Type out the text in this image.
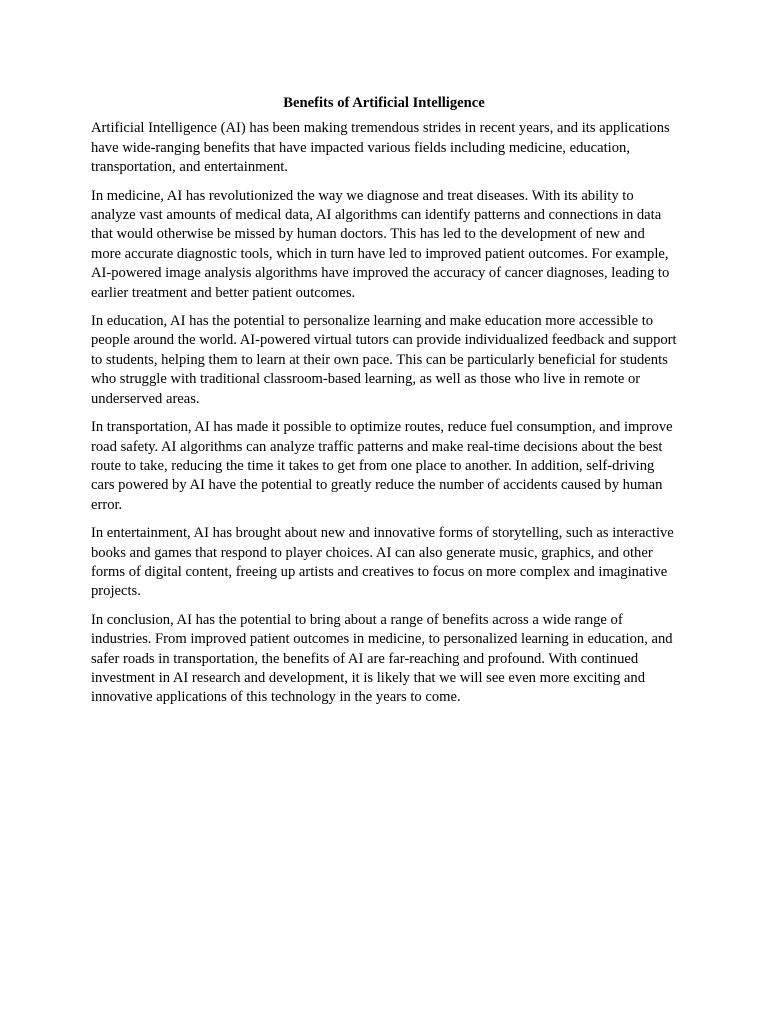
Benefits of Artificial Intelligence

Artificial Intelligence (AI) has been making tremendous strides in recent years, and its applications have wide-ranging benefits that have impacted various fields including medicine, education, transportation, and entertainment.

In medicine, AI has revolutionized the way we diagnose and treat diseases. With its ability to analyze vast amounts of medical data, AI algorithms can identify patterns and connections in data that would otherwise be missed by human doctors. This has led to the development of new and more accurate diagnostic tools, which in turn have led to improved patient outcomes. For example, AI-powered image analysis algorithms have improved the accuracy of cancer diagnoses, leading to earlier treatment and better patient outcomes.

In education, AI has the potential to personalize learning and make education more accessible to people around the world. AI-powered virtual tutors can provide individualized feedback and support to students, helping them to learn at their own pace. This can be particularly beneficial for students who struggle with traditional classroom-based learning, as well as those who live in remote or underserved areas.

In transportation, AI has made it possible to optimize routes, reduce fuel consumption, and improve road safety. AI algorithms can analyze traffic patterns and make real-time decisions about the best route to take, reducing the time it takes to get from one place to another. In addition, self-driving cars powered by AI have the potential to greatly reduce the number of accidents caused by human error.

In entertainment, AI has brought about new and innovative forms of storytelling, such as interactive books and games that respond to player choices. AI can also generate music, graphics, and other forms of digital content, freeing up artists and creatives to focus on more complex and imaginative projects.

In conclusion, AI has the potential to bring about a range of benefits across a wide range of industries. From improved patient outcomes in medicine, to personalized learning in education, and safer roads in transportation, the benefits of AI are far-reaching and profound. With continued investment in AI research and development, it is likely that we will see even more exciting and innovative applications of this technology in the years to come.
